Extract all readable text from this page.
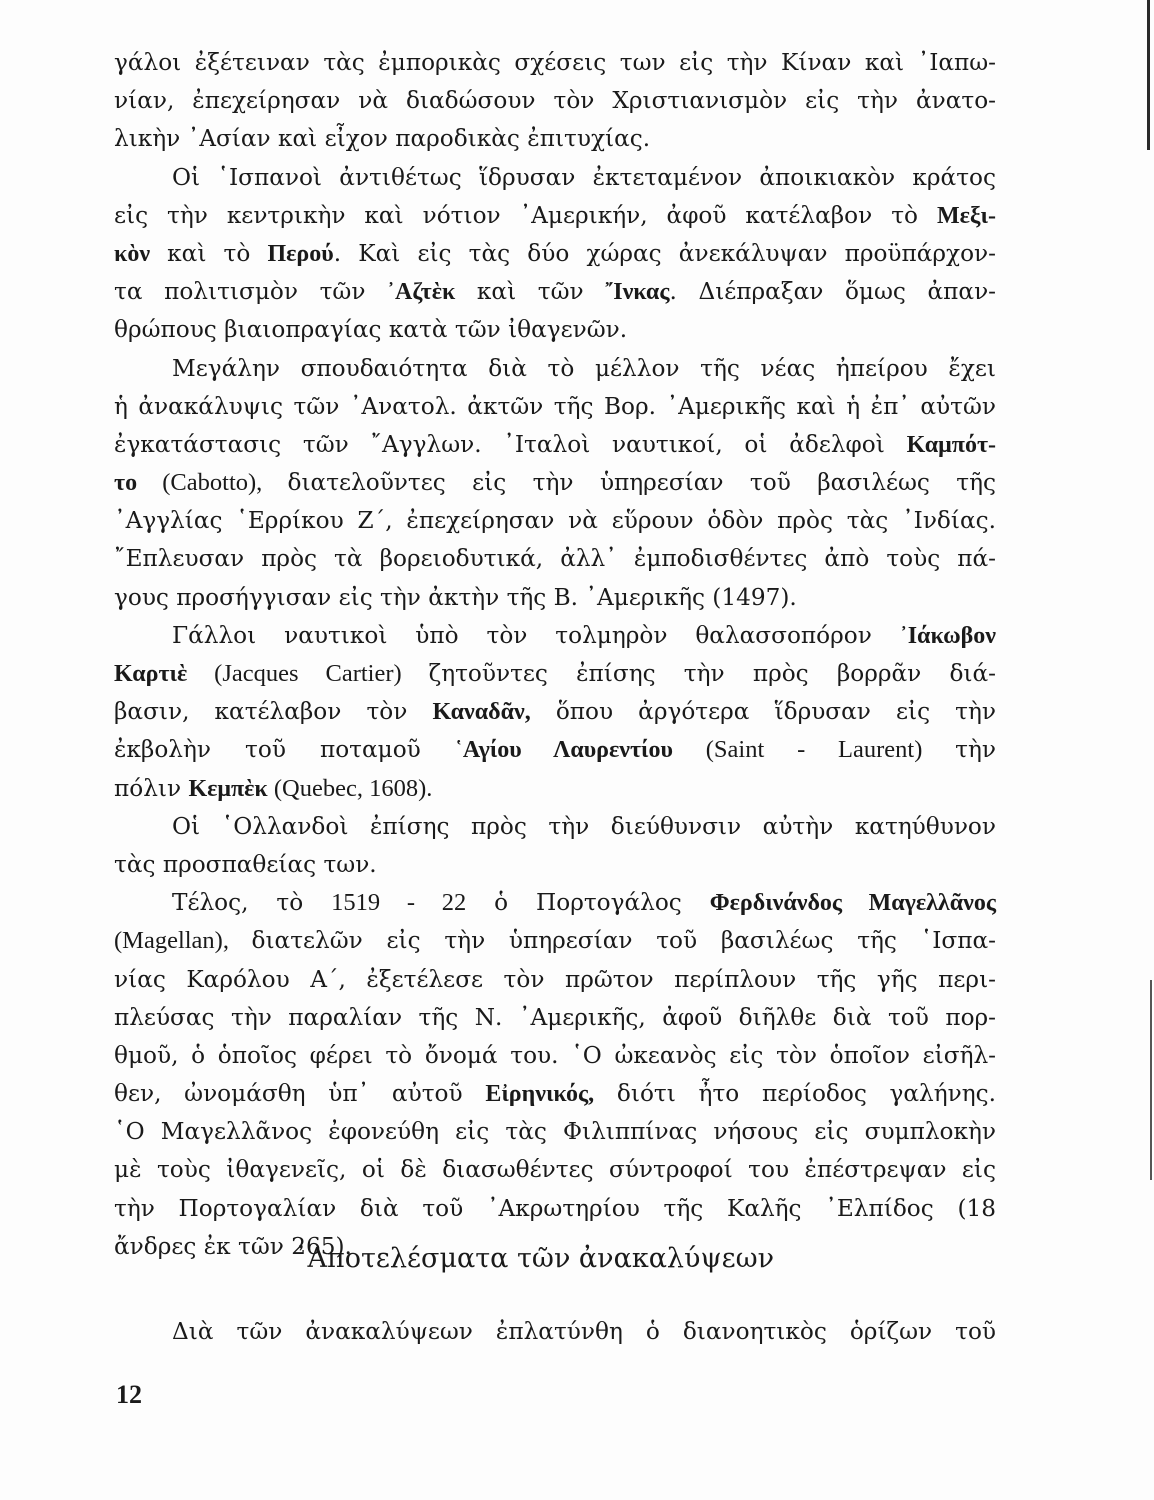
γάλοι ἐξέτειναν τὰς ἐμπορικὰς σχέσεις των εἰς τὴν Κίναν καὶ ᾿Ιαπω-
νίαν, ἐπεχείρησαν νὰ διαδώσουν τὸν Χριστιανισμὸν εἰς τὴν ἀνατο-
λικὴν ᾿Ασίαν καὶ εἶχον παροδικὰς ἐπιτυχίας.
Οἱ ῾Ισπανοὶ ἀντιθέτως ἵδρυσαν ἐκτεταμένον ἀποικιακὸν κράτος
εἰς τὴν κεντρικὴν καὶ νότιον ᾿Αμερικήν, ἀφοῦ κατέλαβον τὸ Μεξι-
κὸν καὶ τὸ Περού. Καὶ εἰς τὰς δύο χώρας ἀνεκάλυψαν προϋπάρχον-
τα πολιτισμὸν τῶν ᾿Αζτὲκ καὶ τῶν ῎Ινκας. Διέπραξαν ὅμως ἀπαν-
θρώπους βιαιοπραγίας κατὰ τῶν ἰθαγενῶν.
Μεγάλην σπουδαιότητα διὰ τὸ μέλλον τῆς νέας ἠπείρου ἔχει
ἡ ἀνακάλυψις τῶν ᾿Ανατολ. ἀκτῶν τῆς Βορ. ᾿Αμερικῆς καὶ ἡ ἐπ᾿ αὐτῶν
ἐγκατάστασις τῶν ῎Αγγλων. ᾿Ιταλοὶ ναυτικοί, οἱ ἀδελφοὶ Καμπότ-
το (Cabotto), διατελοῦντες εἰς τὴν ὑπηρεσίαν τοῦ βασιλέως τῆς
᾿Αγγλίας ῾Ερρίκου Ζ΄, ἐπεχείρησαν νὰ εὕρουν ὁδὸν πρὸς τὰς ᾿Ινδίας.
῎Επλευσαν πρὸς τὰ βορειοδυτικά, ἀλλ᾿ ἐμποδισθέντες ἀπὸ τοὺς πά-
γους προσήγγισαν εἰς τὴν ἀκτὴν τῆς Β. ᾿Αμερικῆς (1497).
Γάλλοι ναυτικοὶ ὑπὸ τὸν τολμηρὸν θαλασσοπόρον ᾿Ιάκωβον
Καρτιὲ (Jacques Cartier) ζητοῦντες ἐπίσης τὴν πρὸς βορρᾶν διά-
βασιν, κατέλαβον τὸν Καναδᾶν, ὅπου ἀργότερα ἵδρυσαν εἰς τὴν
ἐκβολὴν τοῦ ποταμοῦ ῾Αγίου Λαυρεντίου (Saint - Laurent) τὴν
πόλιν Κεμπὲκ (Quebec, 1608).
Οἱ ῾Ολλανδοὶ ἐπίσης πρὸς τὴν διεύθυνσιν αὐτὴν κατηύθυνον
τὰς προσπαθείας των.
Τέλος, τὸ 1519 - 22 ὁ Πορτογάλος Φερδινάνδος Μαγελλᾶνος
(Magellan), διατελῶν εἰς τὴν ὑπηρεσίαν τοῦ βασιλέως τῆς ῾Ισπα-
νίας Καρόλου Α΄, ἐξετέλεσε τὸν πρῶτον περίπλουν τῆς γῆς περι-
πλεύσας τὴν παραλίαν τῆς Ν. ᾿Αμερικῆς, ἀφοῦ διῆλθε διὰ τοῦ πορ-
θμοῦ, ὁ ὁποῖος φέρει τὸ ὄνομά του. ῾Ο ὠκεανὸς εἰς τὸν ὁποῖον εἰσῆλ-
θεν, ὠνομάσθη ὑπ᾿ αὐτοῦ Εἰρηνικός, διότι ἦτο περίοδος γαλήνης.
῾Ο Μαγελλᾶνος ἐφονεύθη εἰς τὰς Φιλιππίνας νήσους εἰς συμπλοκὴν
μὲ τοὺς ἰθαγενεῖς, οἱ δὲ διασωθέντες σύντροφοί του ἐπέστρεψαν εἰς
τὴν Πορτογαλίαν διὰ τοῦ ᾿Ακρωτηρίου τῆς Καλῆς ᾿Ελπίδος (18
ἄνδρες ἐκ τῶν 265).
᾿Αποτελέσματα τῶν ἀνακαλύψεων
Διὰ τῶν ἀνακαλύψεων ἐπλατύνθη ὁ διανοητικὸς ὁρίζων τοῦ
12
